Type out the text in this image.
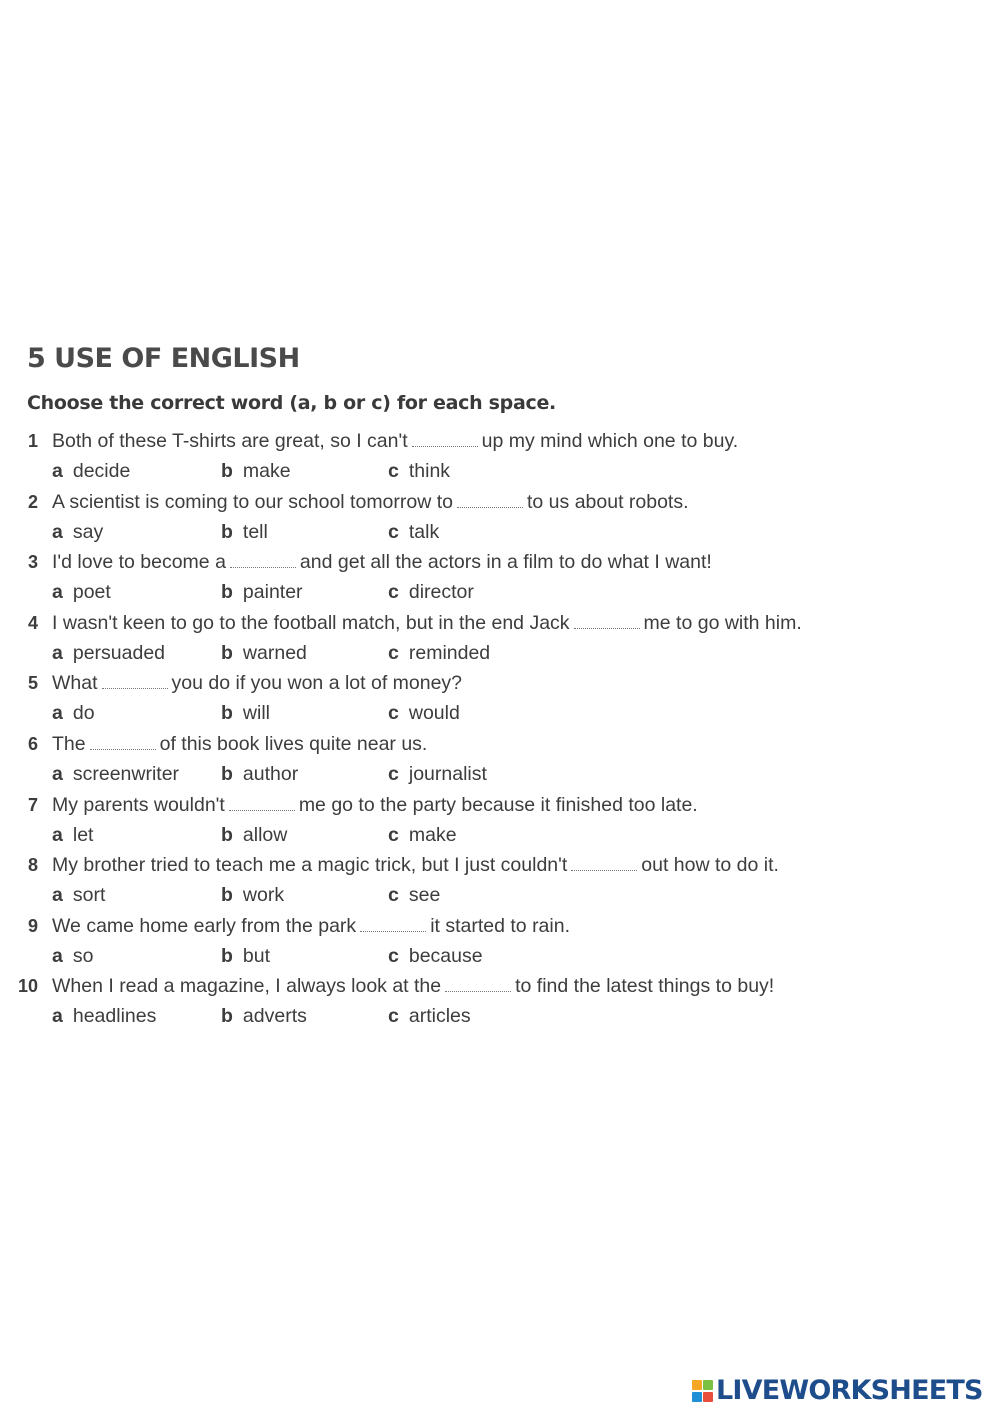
5 USE OF ENGLISH

Choose the correct word (a, b or c) for each space.

1 Both of these T-shirts are great, so I can't	up my mind which one to buy.
a decide	b make	c think
2 A scientist is coming to our school tomorrow to	to us about robots.
a say	b tell	c talk
3 I'd love to become a	and get all the actors in a film to do what I want!
a poet	b painter	c director
4 I wasn't keen to go to the football match, but in the end Jack	me to go with him.
a persuaded	b warned	c reminded
5 What	you do if you won a lot of money?
a do	b will	c would
6 The	of this book lives quite near us.
a screenwriter b author	c journalist
7 My parents wouldn't	me go to the party because it finished too late.
a let	b allow	c make
8 My brother tried to teach me a magic trick, but I just couldn't	out how to do it.
a sort	b work	c see
9 We came home early from the park	it started to rain.
a so	b but	c because
10 When I read a magazine, I always look at the	to find the latest things to buy!
a headlines	b adverts	c articles
LIVEWORKSHEETS
